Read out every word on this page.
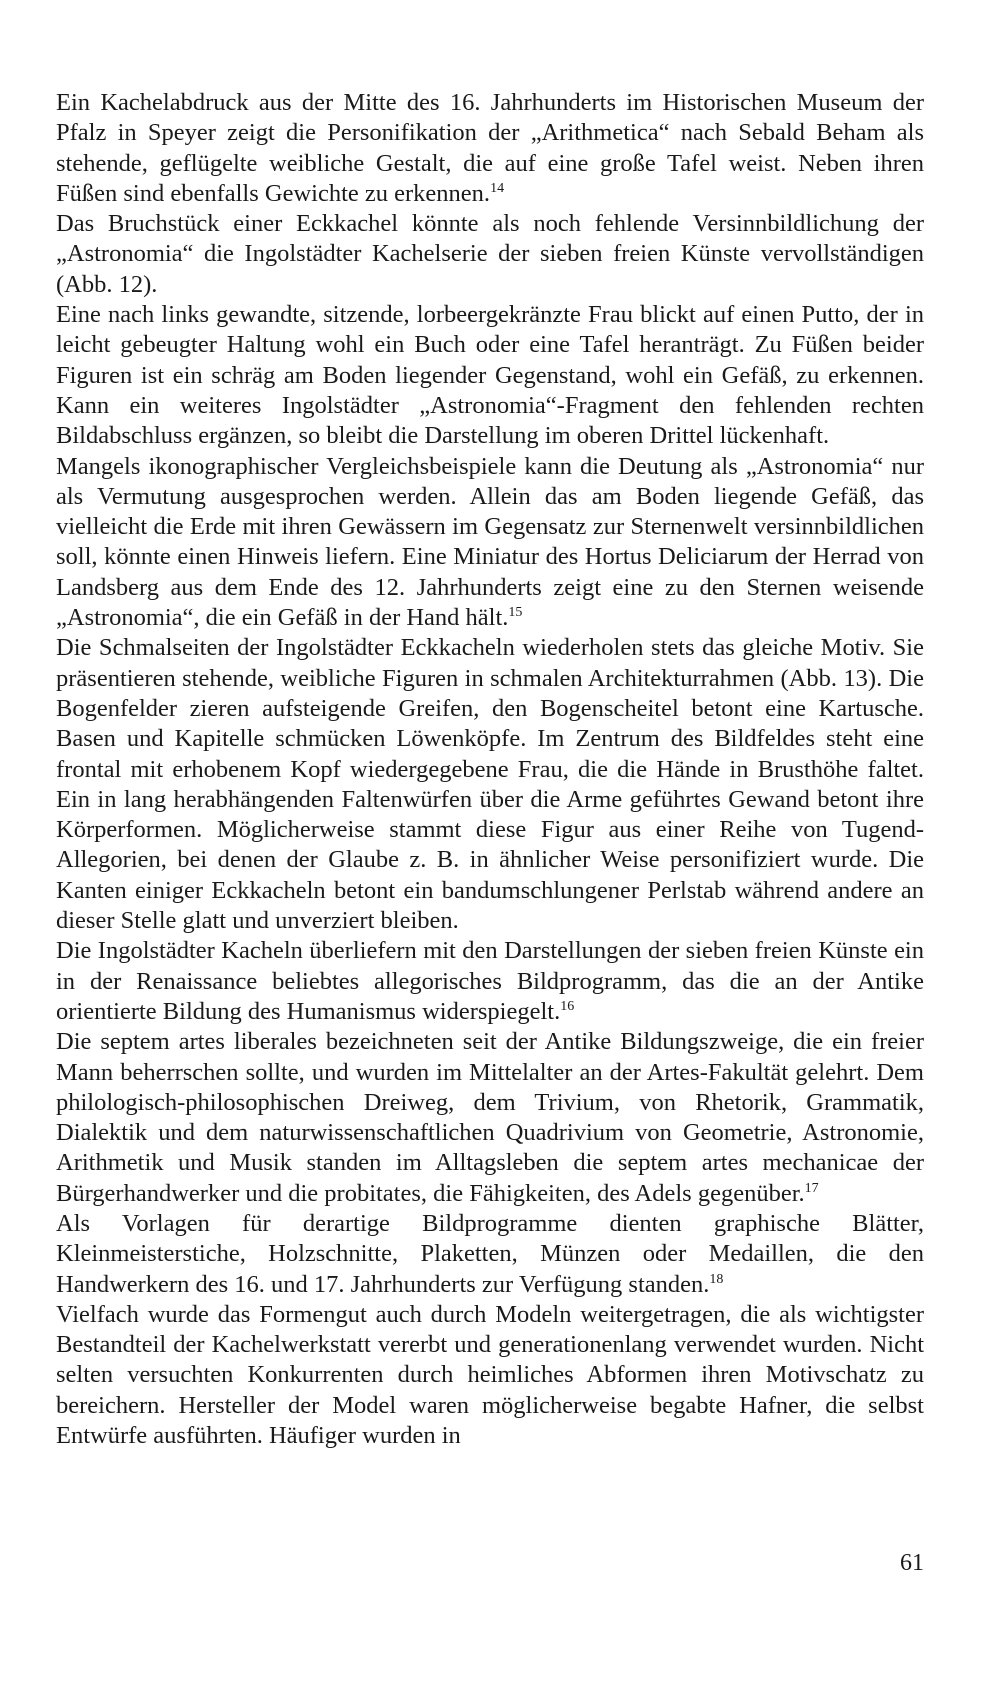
Ein Kachelabdruck aus der Mitte des 16. Jahrhunderts im Historischen Museum der Pfalz in Speyer zeigt die Personifikation der „Arithmetica“ nach Sebald Beham als stehende, geflügelte weibliche Gestalt, die auf eine große Tafel weist. Neben ihren Füßen sind ebenfalls Gewichte zu erkennen.$^{14}$

Das Bruchstück einer Eckkachel könnte als noch fehlende Versinnbildlichung der „Astronomia“ die Ingolstädter Kachelserie der sieben freien Künste vervollständigen (Abb. 12).

Eine nach links gewandte, sitzende, lorbeergekränzte Frau blickt auf einen Putto, der in leicht gebeugter Haltung wohl ein Buch oder eine Tafel heranträgt. Zu Füßen beider Figuren ist ein schräg am Boden liegender Gegenstand, wohl ein Gefäß, zu erkennen. Kann ein weiteres Ingolstädter „Astronomia“-Fragment den fehlenden rechten Bildabschluss ergänzen, so bleibt die Darstellung im oberen Drittel lückenhaft.

Mangels ikonographischer Vergleichsbeispiele kann die Deutung als „Astronomia“ nur als Vermutung ausgesprochen werden. Allein das am Boden liegende Gefäß, das vielleicht die Erde mit ihren Gewässern im Gegensatz zur Sternenwelt versinnbildlichen soll, könnte einen Hinweis liefern. Eine Miniatur des Hortus Deliciarum der Herrad von Landsberg aus dem Ende des 12. Jahrhunderts zeigt eine zu den Sternen weisende „Astronomia“, die ein Gefäß in der Hand hält.$^{15}$

Die Schmalseiten der Ingolstädter Eckkacheln wiederholen stets das gleiche Motiv. Sie präsentieren stehende, weibliche Figuren in schmalen Architekturrahmen (Abb. 13). Die Bogenfelder zieren aufsteigende Greifen, den Bogenscheitel betont eine Kartusche. Basen und Kapitelle schmücken Löwenköpfe. Im Zentrum des Bildfeldes steht eine frontal mit erhobenem Kopf wiedergegebene Frau, die die Hände in Brusthöhe faltet. Ein in lang herabhängenden Faltenwürfen über die Arme geführtes Gewand betont ihre Körperformen. Möglicherweise stammt diese Figur aus einer Reihe von Tugend-Allegorien, bei denen der Glaube z. B. in ähnlicher Weise personifiziert wurde. Die Kanten einiger Eckkacheln betont ein bandumschlungener Perlstab während andere an dieser Stelle glatt und unverziert bleiben.

Die Ingolstädter Kacheln überliefern mit den Darstellungen der sieben freien Künste ein in der Renaissance beliebtes allegorisches Bildprogramm, das die an der Antike orientierte Bildung des Humanismus widerspiegelt.$^{16}$

Die septem artes liberales bezeichneten seit der Antike Bildungszweige, die ein freier Mann beherrschen sollte, und wurden im Mittelalter an der Artes-Fakultät gelehrt. Dem philologisch-philosophischen Dreiweg, dem Trivium, von Rhetorik, Grammatik, Dialektik und dem naturwissenschaftlichen Quadrivium von Geometrie, Astronomie, Arithmetik und Musik standen im Alltagsleben die septem artes mechanicae der Bürgerhandwerker und die probitates, die Fähigkeiten, des Adels gegenüber.$^{17}$

Als Vorlagen für derartige Bildprogramme dienten graphische Blätter, Kleinmeisterstiche, Holzschnitte, Plaketten, Münzen oder Medaillen, die den Handwerkern des 16. und 17. Jahrhunderts zur Verfügung standen.$^{18}$

Vielfach wurde das Formengut auch durch Modeln weitergetragen, die als wichtigster Bestandteil der Kachelwerkstatt vererbt und generationenlang verwendet wurden. Nicht selten versuchten Konkurrenten durch heimliches Abformen ihren Motivschatz zu bereichern. Hersteller der Model waren möglicherweise begabte Hafner, die selbst Entwürfe ausführten. Häufiger wurden in

61
